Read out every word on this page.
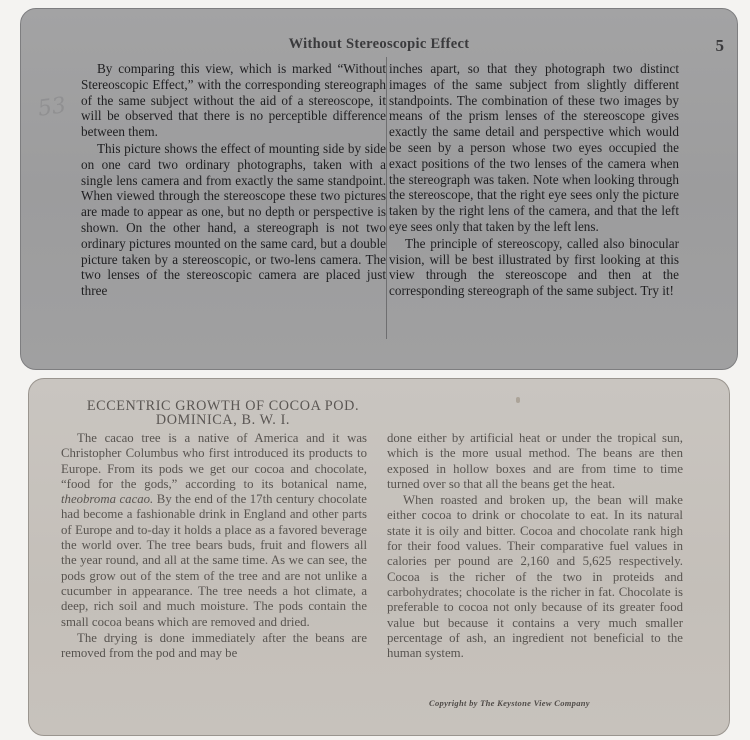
Without Stereoscopic Effect	5
53

By comparing this view, which is marked “Without Stereoscopic Effect,” with the corresponding stereograph of the same subject without the aid of a stereoscope, it will be observed that there is no perceptible difference between them.

This picture shows the effect of mounting side by side on one card two ordinary photographs, taken with a single lens camera and from exactly the same standpoint. When viewed through the stereoscope these two pictures are made to appear as one, but no depth or perspective is shown. On the other hand, a stereograph is not two ordinary pictures mounted on the same card, but a double picture taken by a stereoscopic, or two-lens camera. The two lenses of the stereoscopic camera are placed just three

inches apart, so that they photograph two distinct images of the same subject from slightly different standpoints. The combination of these two images by means of the prism lenses of the stereoscope gives exactly the same detail and perspective which would be seen by a person whose two eyes occupied the exact positions of the two lenses of the camera when the stereograph was taken. Note when looking through the stereoscope, that the right eye sees only the picture taken by the right lens of the camera, and that the left eye sees only that taken by the left lens.

The principle of stereoscopy, called also binocular vision, will be best illustrated by first looking at this view through the stereoscope and then at the corresponding stereograph of the same subject. Try it!

ECCENTRIC GROWTH OF COCOA POD.
DOMINICA, B. W. I.

The cacao tree is a native of America and it was Christopher Columbus who first introduced its products to Europe. From its pods we get our cocoa and chocolate, “food for the gods,” according to its botanical name, theobroma cacao. By the end of the 17th century chocolate had become a fashionable drink in England and other parts of Europe and to-day it holds a place as a favored beverage the world over. The tree bears buds, fruit and flowers all the year round, and all at the same time. As we can see, the pods grow out of the stem of the tree and are not unlike a cucumber in appearance. The tree needs a hot climate, a deep, rich soil and much moisture. The pods contain the small cocoa beans which are removed and dried.

The drying is done immediately after the beans are removed from the pod and may be

done either by artificial heat or under the tropical sun, which is the more usual method. The beans are then exposed in hollow boxes and are from time to time turned over so that all the beans get the heat.

When roasted and broken up, the bean will make either cocoa to drink or chocolate to eat. In its natural state it is oily and bitter. Cocoa and chocolate rank high for their food values. Their comparative fuel values in calories per pound are 2,160 and 5,625 respectively. Cocoa is the richer of the two in proteids and carbohydrates; chocolate is the richer in fat. Chocolate is preferable to cocoa not only because of its greater food value but because it contains a very much smaller percentage of ash, an ingredient not beneficial to the human system.

Copyright by The Keystone View Company
